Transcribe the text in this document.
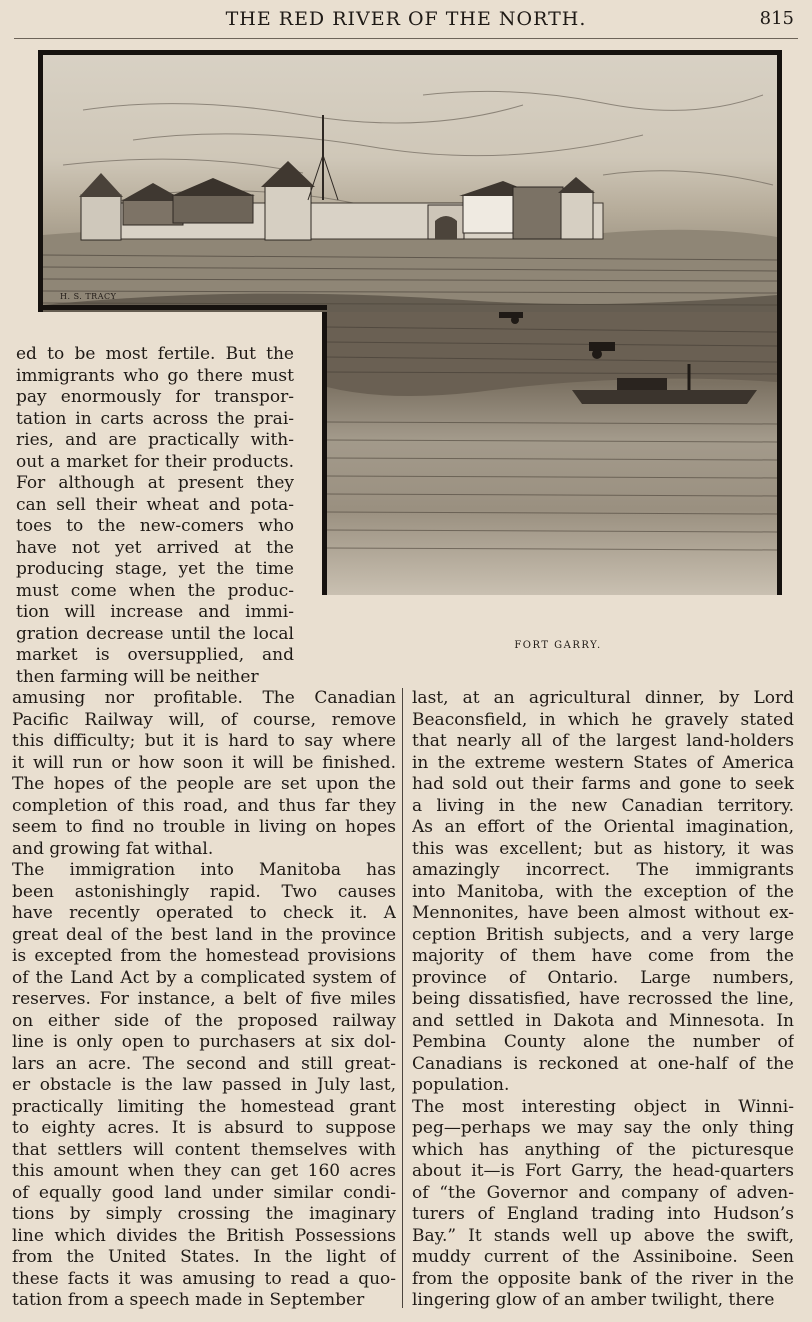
THE RED RIVER OF THE NORTH.	815
H. S. TRACY
FORT GARRY.
ed to be most fertile. But the
immigrants who go there must
pay enormously for transpor-
tation in carts across the prai-
ries, and are practically with-
out a market for their products.
For although at present they
can sell their wheat and pota-
toes to the new-comers who
have not yet arrived at the
producing stage, yet the time
must come when the produc-
tion will increase and immi-
gration decrease until the local
market is oversupplied, and
then farming will be neither
amusing nor profitable. The Canadian
Pacific Railway will, of course, remove
this difficulty; but it is hard to say where
it will run or how soon it will be finished.
The hopes of the people are set upon the
completion of this road, and thus far they
seem to find no trouble in living on hopes
and growing fat withal.
The immigration into Manitoba has
been astonishingly rapid. Two causes
have recently operated to check it. A
great deal of the best land in the province
is excepted from the homestead provisions
of the Land Act by a complicated system of
reserves. For instance, a belt of five miles
on either side of the proposed railway
line is only open to purchasers at six dol-
lars an acre. The second and still great-
er obstacle is the law passed in July last,
practically limiting the homestead grant
to eighty acres. It is absurd to suppose
that settlers will content themselves with
this amount when they can get 160 acres
of equally good land under similar condi-
tions by simply crossing the imaginary
line which divides the British Possessions
from the United States. In the light of
these facts it was amusing to read a quo-
tation from a speech made in September
last, at an agricultural dinner, by Lord
Beaconsfield, in which he gravely stated
that nearly all of the largest land-holders
in the extreme western States of America
had sold out their farms and gone to seek
a living in the new Canadian territory.
As an effort of the Oriental imagination,
this was excellent; but as history, it was
amazingly incorrect. The immigrants
into Manitoba, with the exception of the
Mennonites, have been almost without ex-
ception British subjects, and a very large
majority of them have come from the
province of Ontario. Large numbers,
being dissatisfied, have recrossed the line,
and settled in Dakota and Minnesota. In
Pembina County alone the number of
Canadians is reckoned at one-half of the
population.
The most interesting object in Winni-
peg—perhaps we may say the only thing
which has anything of the picturesque
about it—is Fort Garry, the head-quarters
of “the Governor and company of adven-
turers of England trading into Hudson’s
Bay.” It stands well up above the swift,
muddy current of the Assiniboine. Seen
from the opposite bank of the river in the
lingering glow of an amber twilight, there
